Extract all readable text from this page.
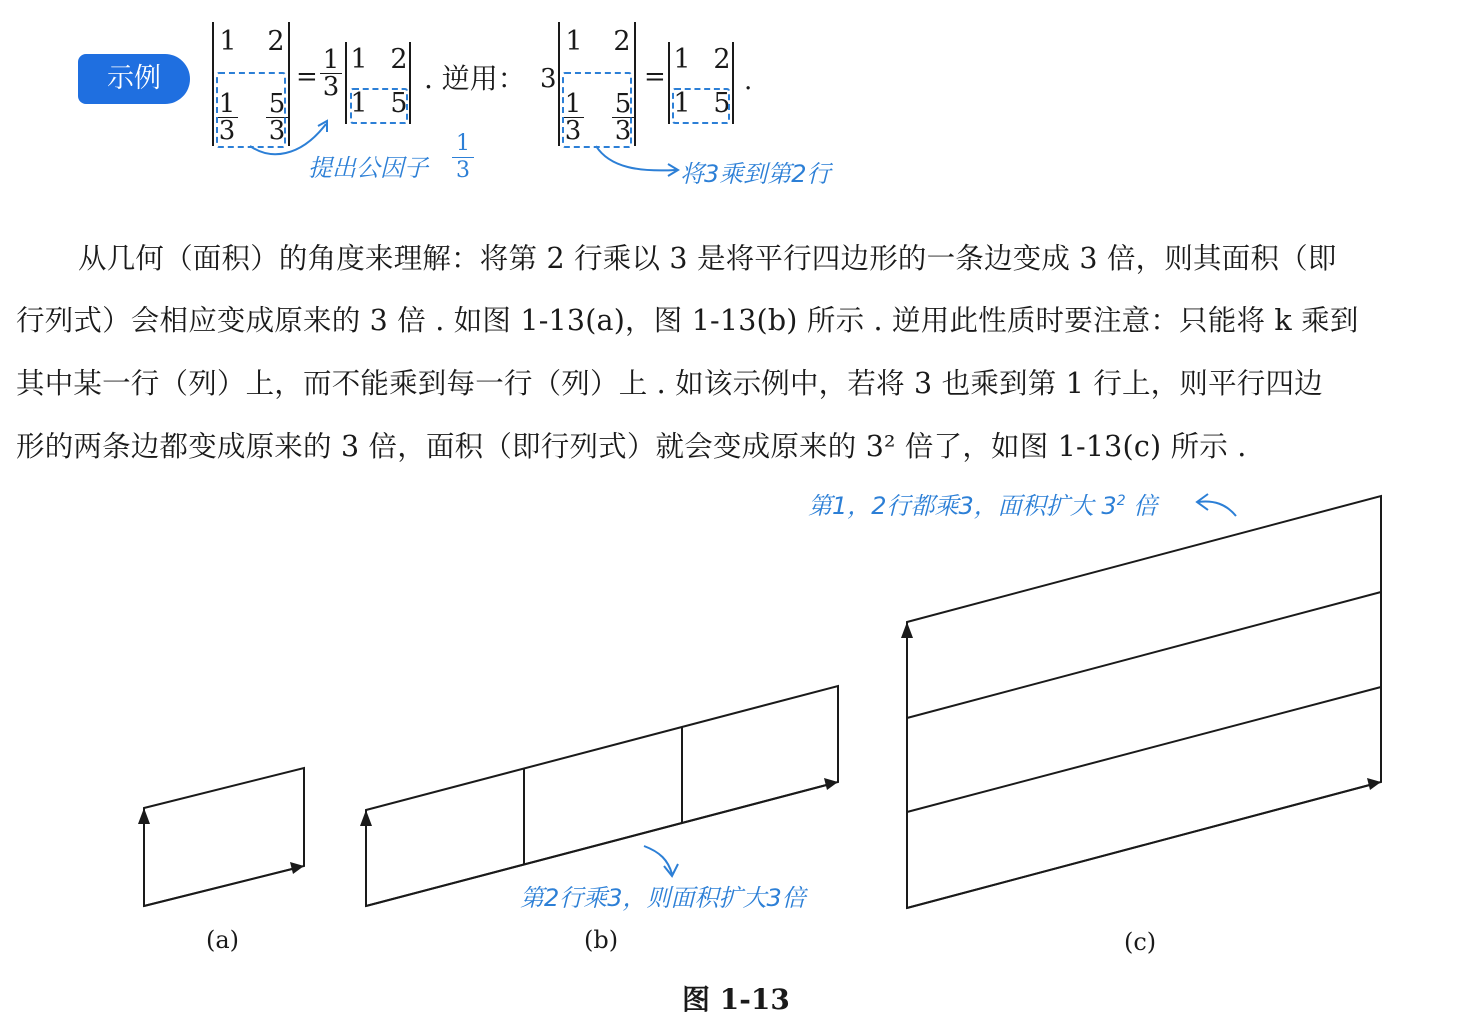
示例
1 2
1
3
5
3
=
1
3
1 2
1 5
. 逆用： 3
1 2
1
3
5
3
=
1 2
1 5
.
提出公因子
1
3	将3乘到第2行
从几何（面积）的角度来理解：将第 2 行乘以 3 是将平行四边形的一条边变成 3 倍，则其面积（即
行列式）会相应变成原来的 3 倍 . 如图 1-13(a)，图 1-13(b) 所示 . 逆用此性质时要注意：只能将 k 乘到
其中某一行（列）上，而不能乘到每一行（列）上 . 如该示例中，若将 3 也乘到第 1 行上，则平行四边
形的两条边都变成原来的 3 倍，面积（即行列式）就会变成原来的 3² 倍了，如图 1-13(c) 所示 .
第2行乘3，则面积扩大3倍
第1，2行都乘3，面积扩大 $3^2$ 倍
(a)	(b)	(c)
图 1-13
